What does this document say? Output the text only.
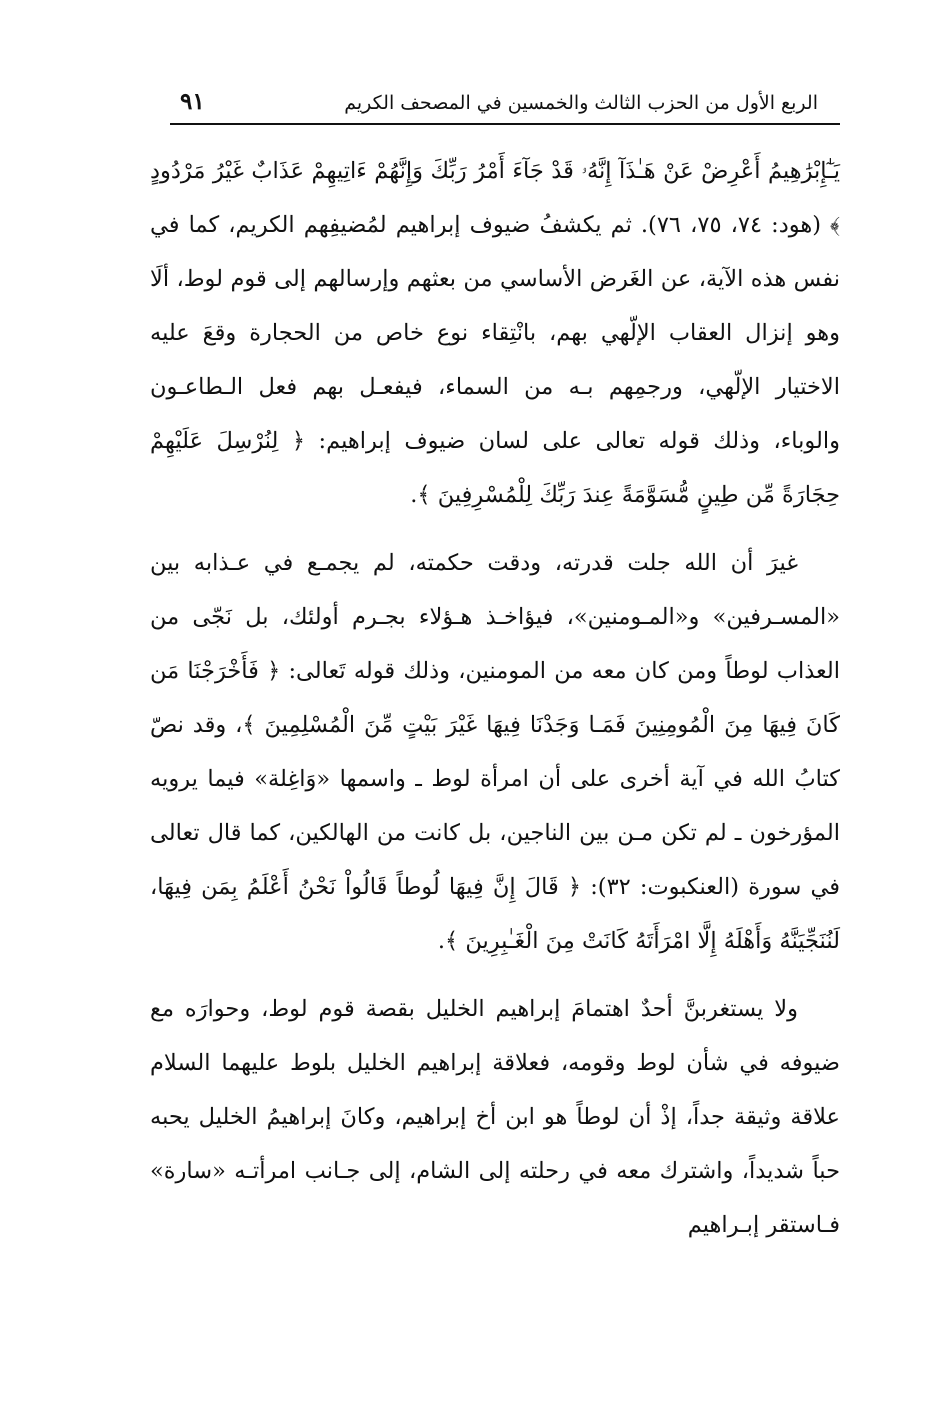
الربع الأول من الحزب الثالث والخمسين في المصحف الكريم
٩١

يَـٰٓإِبْرَٰهِيمُ أَعْرِضْ عَنْ هَـٰذَآ إِنَّهُۥ قَدْ جَآءَ أَمْرُ رَبِّكَ وَإِنَّهُمْ ءَاتِيهِمْ عَذَابٌ غَيْرُ مَرْدُودٍ ﴾ (هود: ٧٤، ٧٥، ٧٦). ثم يكشفُ ضيوف إبراهيم لمُضيفِهم الكريم، كما في نفس هذه الآية، عن الغَرض الأساسي من بعثهم وإرسالهم إلى قوم لوط، ألَا وهو إنزال العقاب الإلّهي بهم، بانْتِقاء نوع خاص من الحجارة وقعَ عليه الاختيار الإلّهي، ورجمِهم بـه من السماء، فيفعـل بهم فعل الـطاعـون والوباء، وذلك قوله تعالى على لسان ضيوف إبراهيم: ﴿ لِنُرْسِلَ عَلَيْهِمْ حِجَارَةً مِّن طِينٍ مُّسَوَّمَةً عِندَ رَبِّكَ لِلْمُسْرِفِينَ ﴾.

غيرَ أن الله جلت قدرته، ودقت حكمته، لم يجمـع في عـذابه بين «المسـرفين» و«المـومنين»، فيؤاخـذ هـؤلاء بجـرم أولئك، بل نَجّى من العذاب لوطاً ومن كان معه من المومنين، وذلك قوله تَعالى: ﴿ فَأَخْرَجْنَا مَن كَانَ فِيهَا مِنَ الْمُومِنِينَ فَمَـا وَجَدْنَا فِيهَا غَيْرَ بَيْتٍ مِّنَ الْمُسْلِمِينَ ﴾، وقد نصّ كتابُ الله في آية أخرى على أن امرأة لوط ـ واسمها «وَاغِلة» فيما يرويه المؤرخون ـ لم تكن مـن بين الناجين، بل كانت من الهالكين، كما قال تعالى في سورة (العنكبوت: ٣٢): ﴿ قَالَ إِنَّ فِيهَا لُوطاً قَالُواْ نَحْنُ أَعْلَمُ بِمَن فِيهَا، لَنُنَجِّيَنَّهُ وَأَهْلَهُ إِلَّا امْرَأَتَهُ كَانَتْ مِنَ الْغَـٰبِرِينَ ﴾.

ولا يستغربنَّ أحدٌ اهتمامَ إبراهيم الخليل بقصة قوم لوط، وحوارَه مع ضيوفه في شأن لوط وقومه، فعلاقة إبراهيم الخليل بلوط عليهما السلام علاقة وثيقة جداً، إذْ أن لوطاً هو ابن أخ إبراهيم، وكانَ إبراهيمُ الخليل يحبه حباً شديداً، واشترك معه في رحلته إلى الشام، إلى جـانب امرأتـه «سارة» فـاستقر إبـراهيم
